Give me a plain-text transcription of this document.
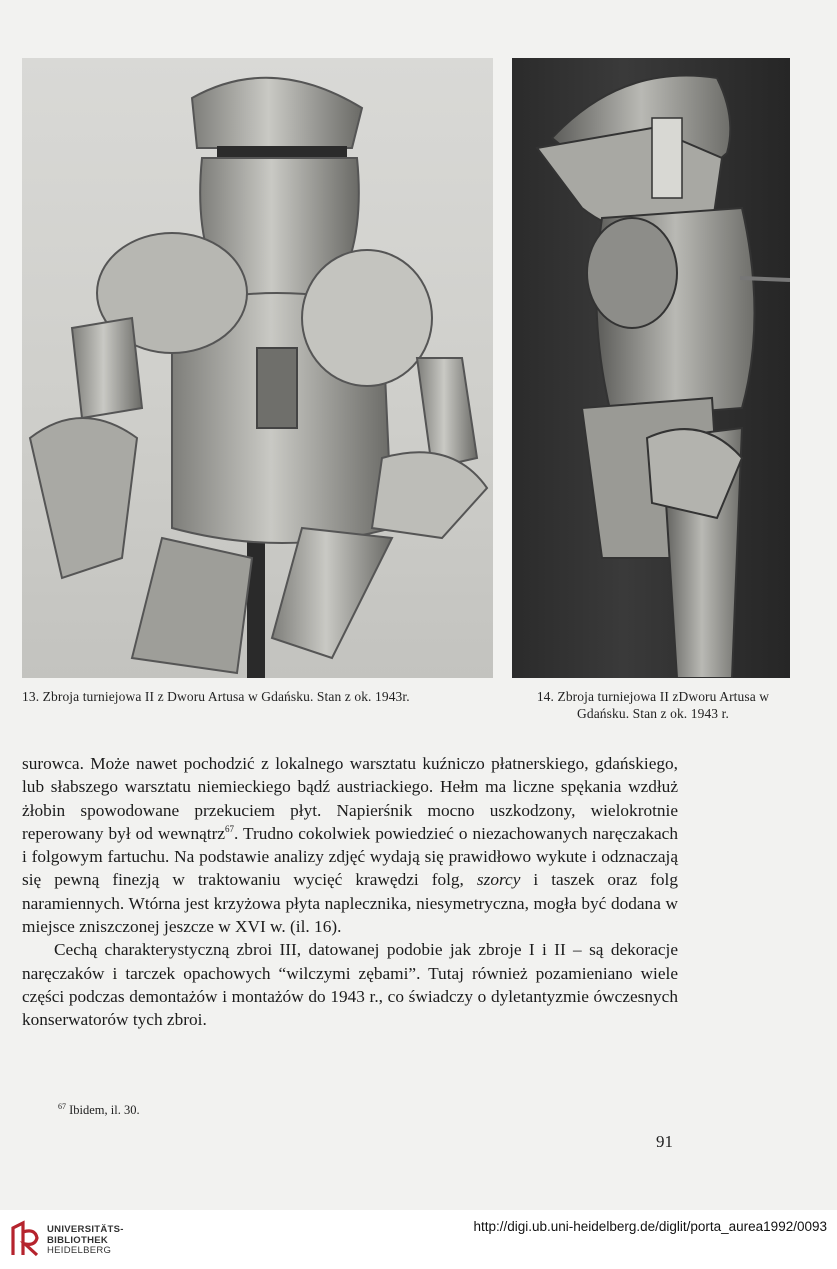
13. Zbroja turniejowa II z Dworu Artusa w Gdańsku. Stan z ok. 1943r.	14. Zbroja turniejowa II zDworu Artusa w Gdańsku. Stan z ok. 1943 r.

surowca. Może nawet pochodzić z lokalnego warsztatu kuźniczo płatnerskiego, gdańskiego, lub słabszego warsztatu niemieckiego bądź austriackiego. Hełm ma liczne spękania wzdłuż żłobin spowodowane przekuciem płyt. Napierśnik mocno uszkodzony, wielokrotnie reperowany był od wewnątrz$^{67}$. Trudno cokolwiek powiedzieć o niezachowanych naręczakach i folgowym fartuchu. Na podstawie analizy zdjęć wydają się prawidłowo wykute i odznaczają się pewną finezją w traktowaniu wycięć krawędzi folg, szorcy i taszek oraz folg naramiennych. Wtórna jest krzyżowa płyta naplecznika, niesymetryczna, mogła być dodana w miejsce zniszczonej jeszcze w XVI w. (il. 16).

Cechą charakterystyczną zbroi III, datowanej podobie jak zbroje I i II – są dekoracje naręczaków i tarczek opachowych “wilczymi zębami”. Tutaj również pozamieniano wiele części podczas demontażów i montażów do 1943 r., co świadczy o dyletantyzmie ówczesnych konserwatorów tych zbroi.

$^{67}$ Ibidem, il. 30.
91
UNIVERSITÄTS-
BIBLIOTHEK
HEIDELBERG
http://digi.ub.uni-heidelberg.de/diglit/porta_aurea1992/0093
